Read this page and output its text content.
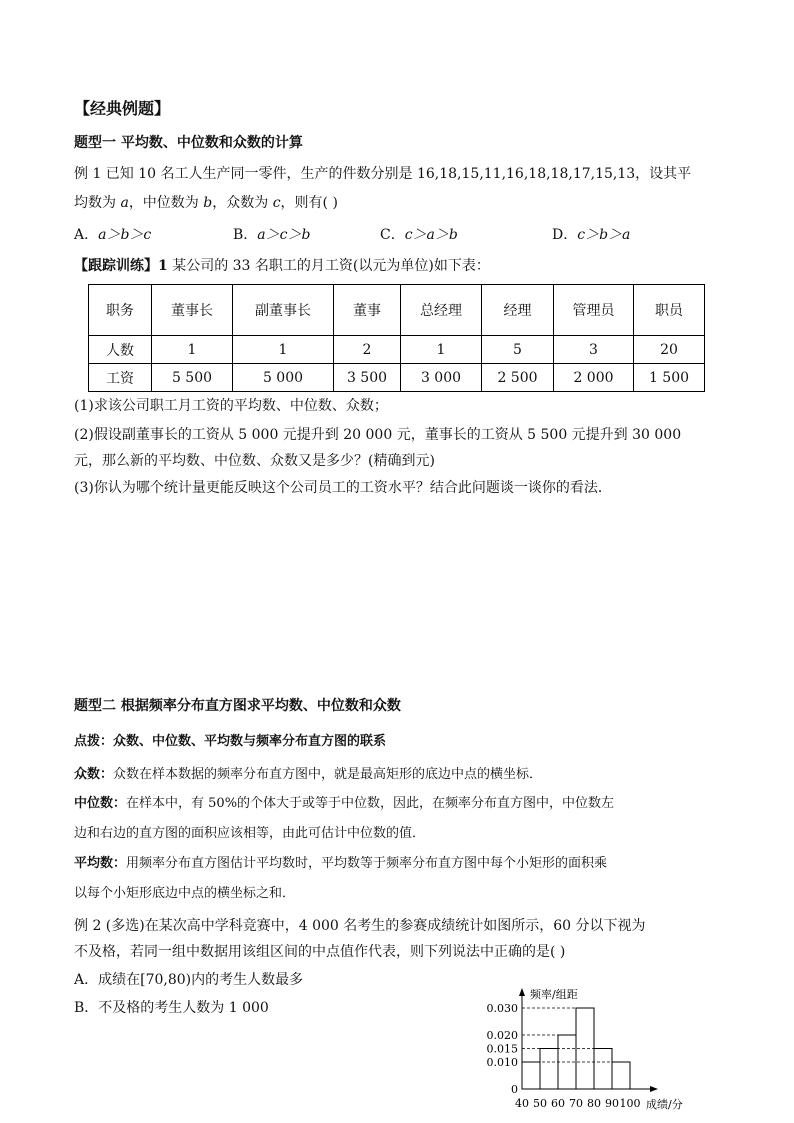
【经典例题】
题型一 平均数、中位数和众数的计算
例 1 已知 10 名工人生产同一零件，生产的件数分别是 16,18,15,11,16,18,18,17,15,13，设其平
均数为 a，中位数为 b，众数为 c，则有( )
A．a＞b＞c	B．a＞c＞b	C．c＞a＞b	D．c＞b＞a
【跟踪训练】1 某公司的 33 名职工的月工资(以元为单位)如下表：
职务	董事长	副董事长	董事	总经理	经理	管理员	职员
人数	1	1	2	1	5	3	20
工资	5 500	5 000	3 500	3 000	2 500	2 000	1 500
(1)求该公司职工月工资的平均数、中位数、众数；
(2)假设副董事长的工资从 5 000 元提升到 20 000 元，董事长的工资从 5 500 元提升到 30 000
元，那么新的平均数、中位数、众数又是多少？(精确到元)
(3)你认为哪个统计量更能反映这个公司员工的工资水平？结合此问题谈一谈你的看法．
题型二 根据频率分布直方图求平均数、中位数和众数
点拨：众数、中位数、平均数与频率分布直方图的联系
众数：众数在样本数据的频率分布直方图中，就是最高矩形的底边中点的横坐标．
中位数：在样本中，有 50%的个体大于或等于中位数，因此，在频率分布直方图中，中位数左
边和右边的直方图的面积应该相等，由此可估计中位数的值．
平均数：用频率分布直方图估计平均数时，平均数等于频率分布直方图中每个小矩形的面积乘
以每个小矩形底边中点的横坐标之和．
例 2 (多选)在某次高中学科竞赛中，4 000 名考生的参赛成绩统计如图所示，60 分以下视为
不及格，若同一组中数据用该组区间的中点值作代表，则下列说法中正确的是( )
A．成绩在[70,80)内的考生人数最多
B．不及格的考生人数为 1 000
0.010
0.015
0.020
0.030
0
40 50 60 70 80 90 100
频率/组距
成绩/分
